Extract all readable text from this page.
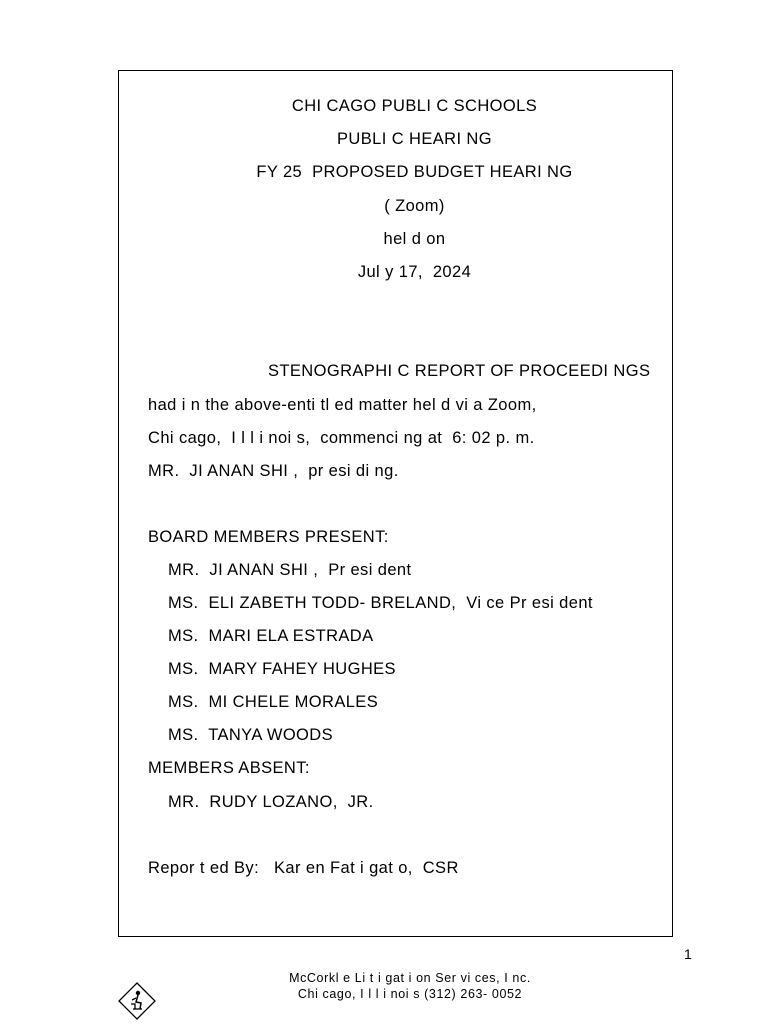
CHI CAGO PUBLI C SCHOOLS
PUBLI C HEARI NG
FY 25  PROPOSED BUDGET HEARI NG
( Zoom)
hel d on
Jul y 17,  2024
STENOGRAPHI C REPORT OF PROCEEDI NGS
had i n the above-enti tl ed matter hel d vi a Zoom,
Chi cago,  I l l i noi s,  commenci ng at  6: 02 p. m.
MR.  JI ANAN SHI ,  pr esi di ng.
BOARD MEMBERS PRESENT:
MR.  JI ANAN SHI ,  Pr esi dent
MS.  ELI ZABETH TODD- BRELAND,  Vi ce Pr esi dent
MS.  MARI ELA ESTRADA
MS.  MARY FAHEY HUGHES
MS.  MI CHELE MORALES
MS.  TANYA WOODS
MEMBERS ABSENT:
MR.  RUDY LOZANO,  JR.
Repor t ed By:   Kar en Fat i gat o,  CSR
1
McCorkl e Li t i gat i on Ser vi ces, I nc.
Chi cago, I l l i noi s (312) 263- 0052
